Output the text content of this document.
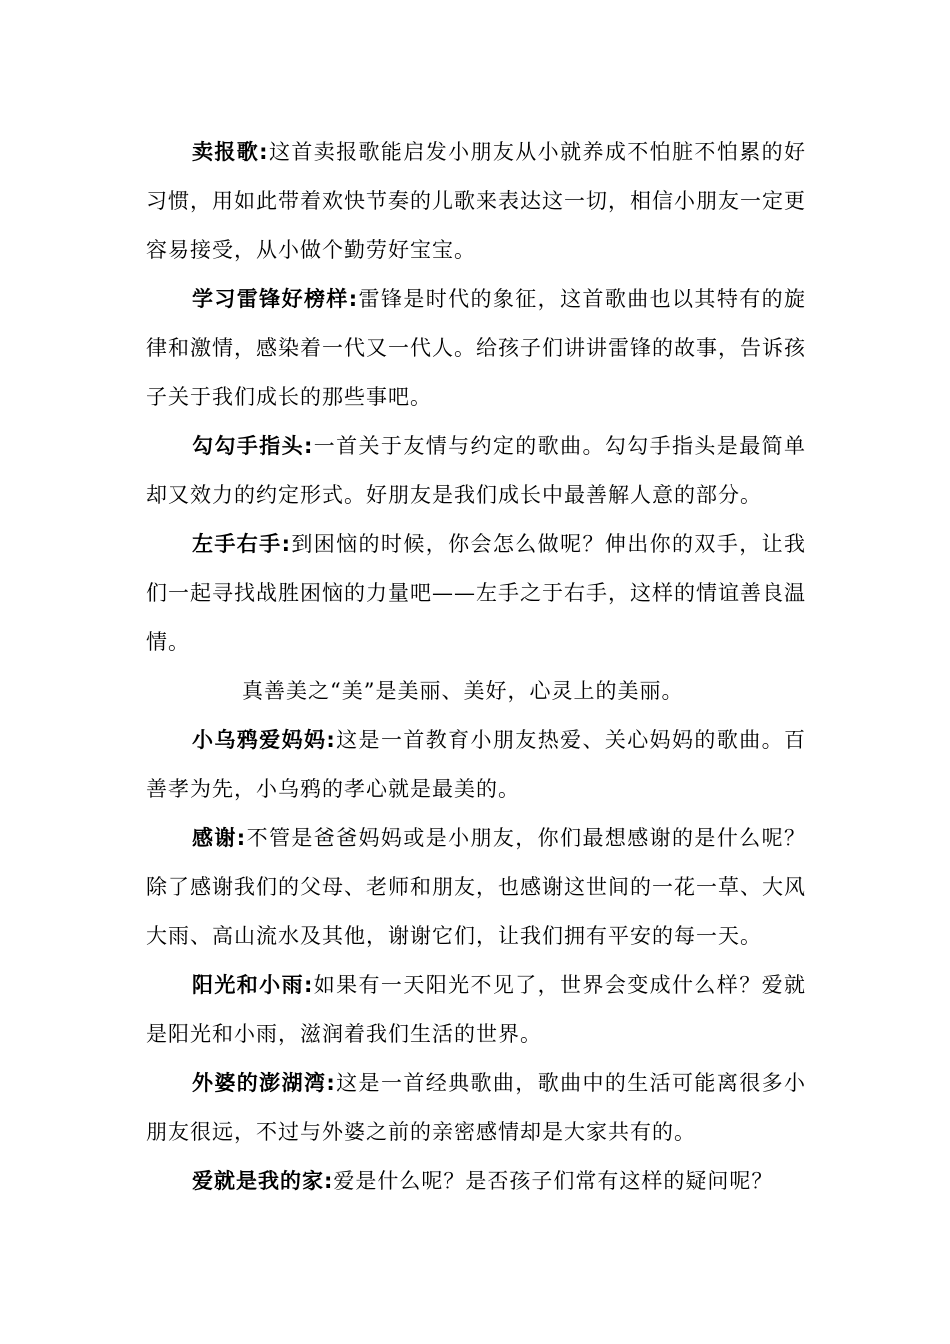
卖报歌:这首卖报歌能启发小朋友从小就养成不怕脏不怕累的好习惯，用如此带着欢快节奏的儿歌来表达这一切，相信小朋友一定更容易接受，从小做个勤劳好宝宝。

学习雷锋好榜样:雷锋是时代的象征，这首歌曲也以其特有的旋律和激情，感染着一代又一代人。给孩子们讲讲雷锋的故事，告诉孩子关于我们成长的那些事吧。

勾勾手指头:一首关于友情与约定的歌曲。勾勾手指头是最简单却又效力的约定形式。好朋友是我们成长中最善解人意的部分。

左手右手:到困恼的时候，你会怎么做呢？伸出你的双手，让我们一起寻找战胜困恼的力量吧——左手之于右手，这样的情谊善良温情。

真善美之“美”是美丽、美好，心灵上的美丽。

小乌鸦爱妈妈:这是一首教育小朋友热爱、关心妈妈的歌曲。百善孝为先，小乌鸦的孝心就是最美的。

感谢:不管是爸爸妈妈或是小朋友，你们最想感谢的是什么呢？除了感谢我们的父母、老师和朋友，也感谢这世间的一花一草、大风大雨、高山流水及其他，谢谢它们，让我们拥有平安的每一天。

阳光和小雨:如果有一天阳光不见了，世界会变成什么样？爱就是阳光和小雨，滋润着我们生活的世界。

外婆的澎湖湾:这是一首经典歌曲，歌曲中的生活可能离很多小朋友很远，不过与外婆之前的亲密感情却是大家共有的。

爱就是我的家:爱是什么呢？是否孩子们常有这样的疑问呢？
